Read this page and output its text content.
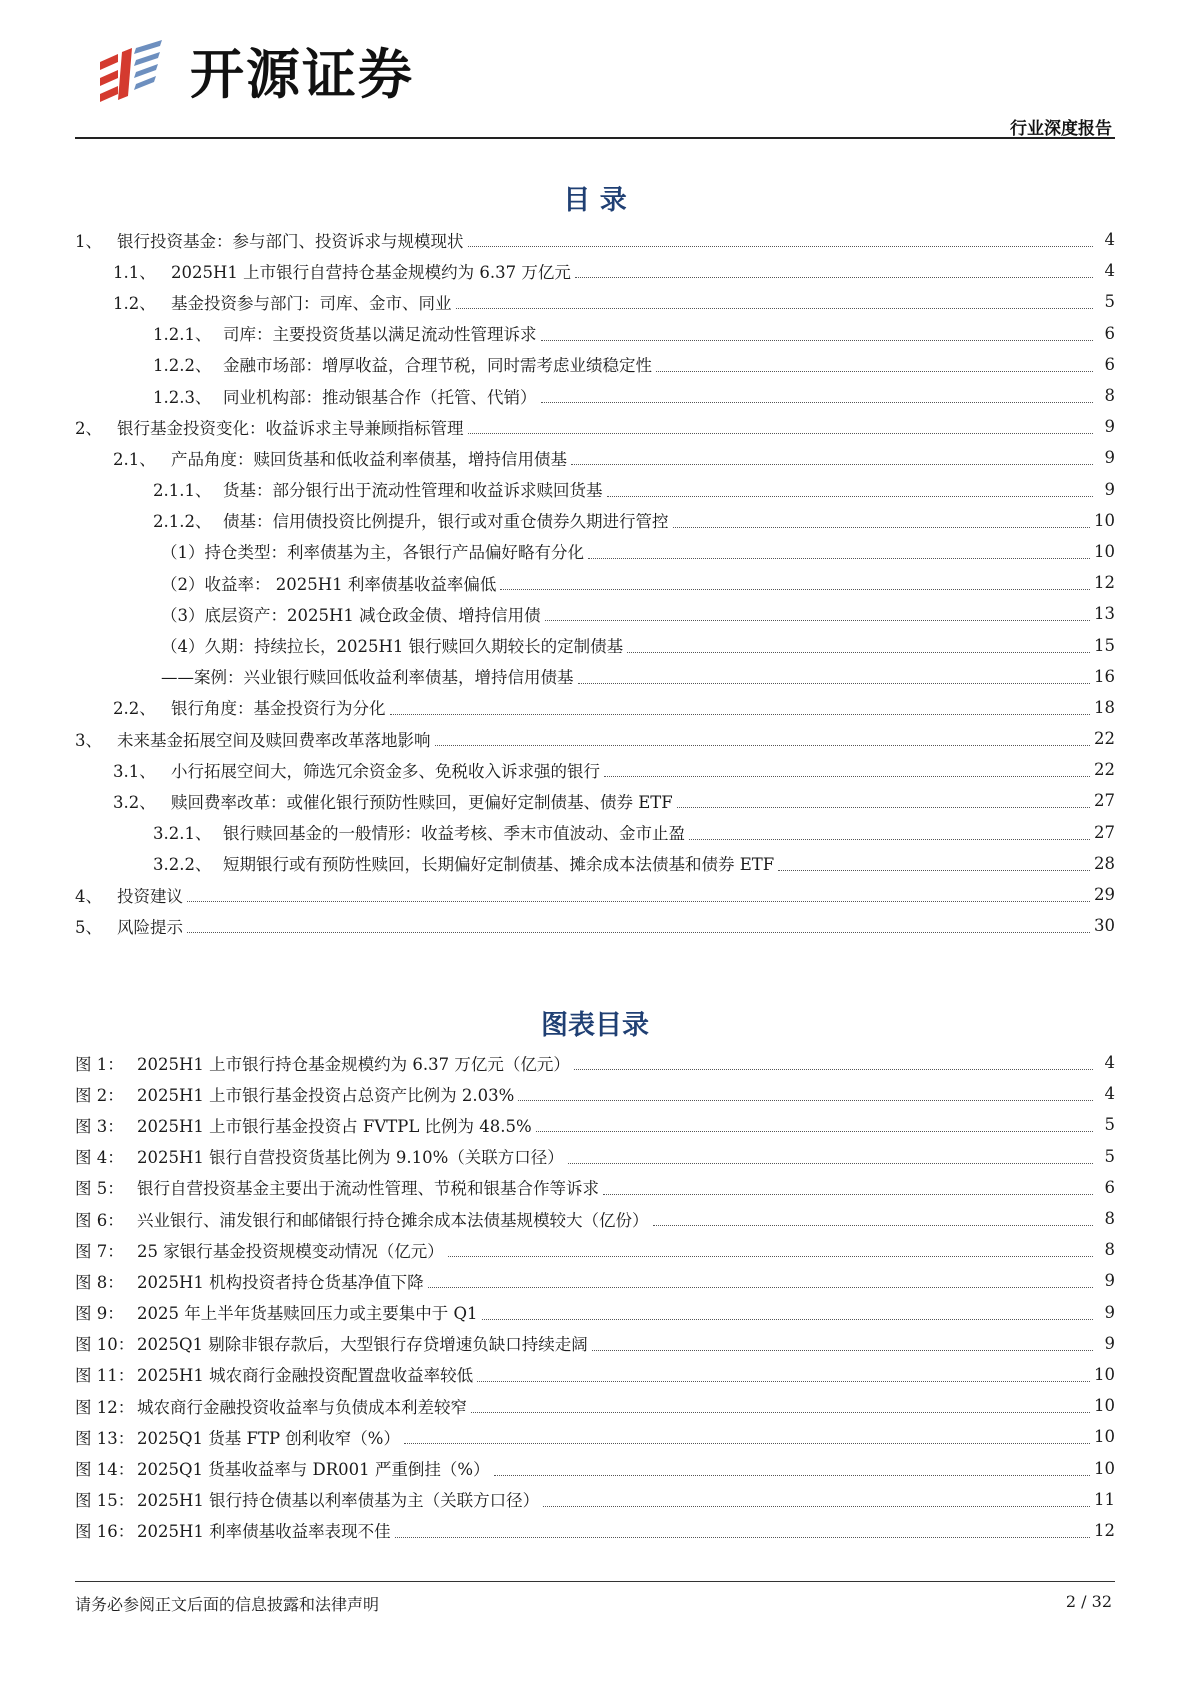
开源证券
行业深度报告
目 录
1、 银行投资基金：参与部门、投资诉求与规模现状	4
1.1、 2025H1 上市银行自营持仓基金规模约为 6.37 万亿元	4
1.2、 基金投资参与部门：司库、金市、同业	5
1.2.1、 司库：主要投资货基以满足流动性管理诉求	6
1.2.2、 金融市场部：增厚收益，合理节税，同时需考虑业绩稳定性	6
1.2.3、 同业机构部：推动银基合作（托管、代销）	8
2、 银行基金投资变化：收益诉求主导兼顾指标管理	9
2.1、 产品角度：赎回货基和低收益利率债基，增持信用债基	9
2.1.1、 货基：部分银行出于流动性管理和收益诉求赎回货基	9
2.1.2、 债基：信用债投资比例提升，银行或对重仓债券久期进行管控	10
（1）持仓类型：利率债基为主，各银行产品偏好略有分化	10
（2）收益率： 2025H1 利率债基收益率偏低	12
（3）底层资产：2025H1 减仓政金债、增持信用债	13
（4）久期：持续拉长，2025H1 银行赎回久期较长的定制债基	15
——案例：兴业银行赎回低收益利率债基，增持信用债基	16
2.2、 银行角度：基金投资行为分化	18
3、 未来基金拓展空间及赎回费率改革落地影响	22
3.1、 小行拓展空间大，筛选冗余资金多、免税收入诉求强的银行	22
3.2、 赎回费率改革：或催化银行预防性赎回，更偏好定制债基、债券 ETF	27
3.2.1、 银行赎回基金的一般情形：收益考核、季末市值波动、金市止盈	27
3.2.2、 短期银行或有预防性赎回，长期偏好定制债基、摊余成本法债基和债券 ETF	28
4、 投资建议	29
5、 风险提示	30
图表目录
图 1： 2025H1 上市银行持仓基金规模约为 6.37 万亿元（亿元）	4
图 2： 2025H1 上市银行基金投资占总资产比例为 2.03%	4
图 3： 2025H1 上市银行基金投资占 FVTPL 比例为 48.5%	5
图 4： 2025H1 银行自营投资货基比例为 9.10%（关联方口径）	5
图 5： 银行自营投资基金主要出于流动性管理、节税和银基合作等诉求	6
图 6： 兴业银行、浦发银行和邮储银行持仓摊余成本法债基规模较大（亿份）	8
图 7： 25 家银行基金投资规模变动情况（亿元）	8
图 8： 2025H1 机构投资者持仓货基净值下降	9
图 9： 2025 年上半年货基赎回压力或主要集中于 Q1	9
图 10： 2025Q1 剔除非银存款后，大型银行存贷增速负缺口持续走阔	9
图 11： 2025H1 城农商行金融投资配置盘收益率较低	10
图 12： 城农商行金融投资收益率与负债成本利差较窄	10
图 13： 2025Q1 货基 FTP 创利收窄（%）	10
图 14： 2025Q1 货基收益率与 DR001 严重倒挂（%）	10
图 15： 2025H1 银行持仓债基以利率债基为主（关联方口径）	11
图 16： 2025H1 利率债基收益率表现不佳	12
请务必参阅正文后面的信息披露和法律声明	2 / 32
